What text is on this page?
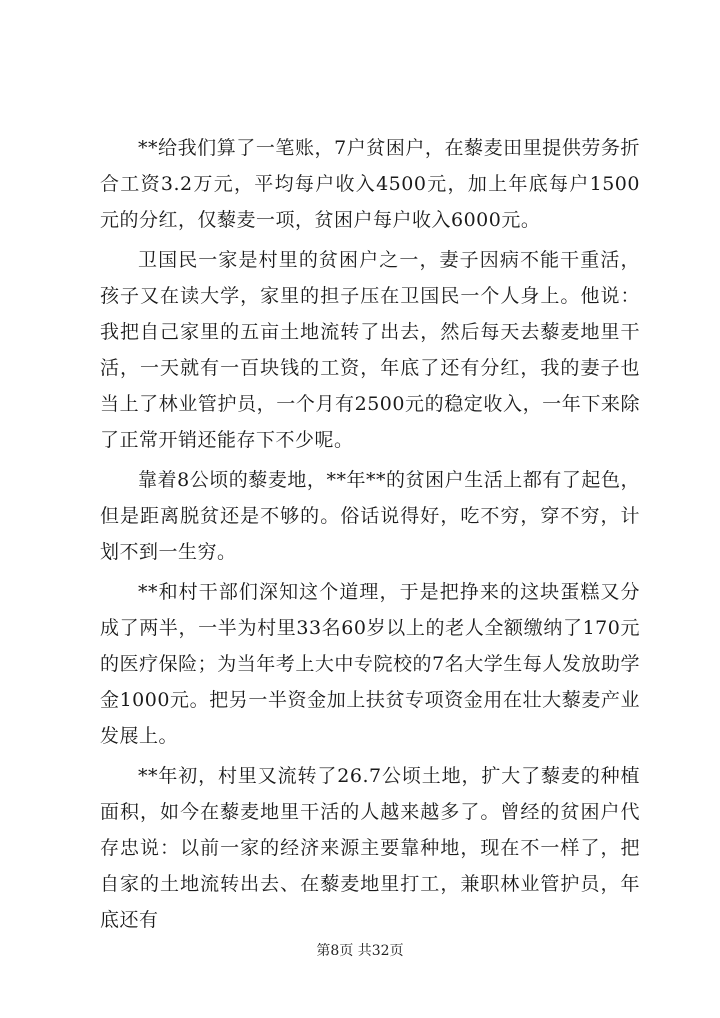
**给我们算了一笔账，7户贫困户，在藜麦田里提供劳务折合工资3.2万元，平均每户收入4500元，加上年底每户1500元的分红，仅藜麦一项，贫困户每户收入6000元。

卫国民一家是村里的贫困户之一，妻子因病不能干重活，孩子又在读大学，家里的担子压在卫国民一个人身上。他说：我把自己家里的五亩土地流转了出去，然后每天去藜麦地里干活，一天就有一百块钱的工资，年底了还有分红，我的妻子也当上了林业管护员，一个月有2500元的稳定收入，一年下来除了正常开销还能存下不少呢。

靠着8公顷的藜麦地，**年**的贫困户生活上都有了起色，但是距离脱贫还是不够的。俗话说得好，吃不穷，穿不穷，计划不到一生穷。

**和村干部们深知这个道理，于是把挣来的这块蛋糕又分成了两半，一半为村里33名60岁以上的老人全额缴纳了170元的医疗保险；为当年考上大中专院校的7名大学生每人发放助学金1000元。把另一半资金加上扶贫专项资金用在壮大藜麦产业发展上。

**年初，村里又流转了26.7公顷土地，扩大了藜麦的种植面积，如今在藜麦地里干活的人越来越多了。曾经的贫困户代存忠说：以前一家的经济来源主要靠种地，现在不一样了，把自家的土地流转出去、在藜麦地里打工，兼职林业管护员，年底还有

第8页 共32页
